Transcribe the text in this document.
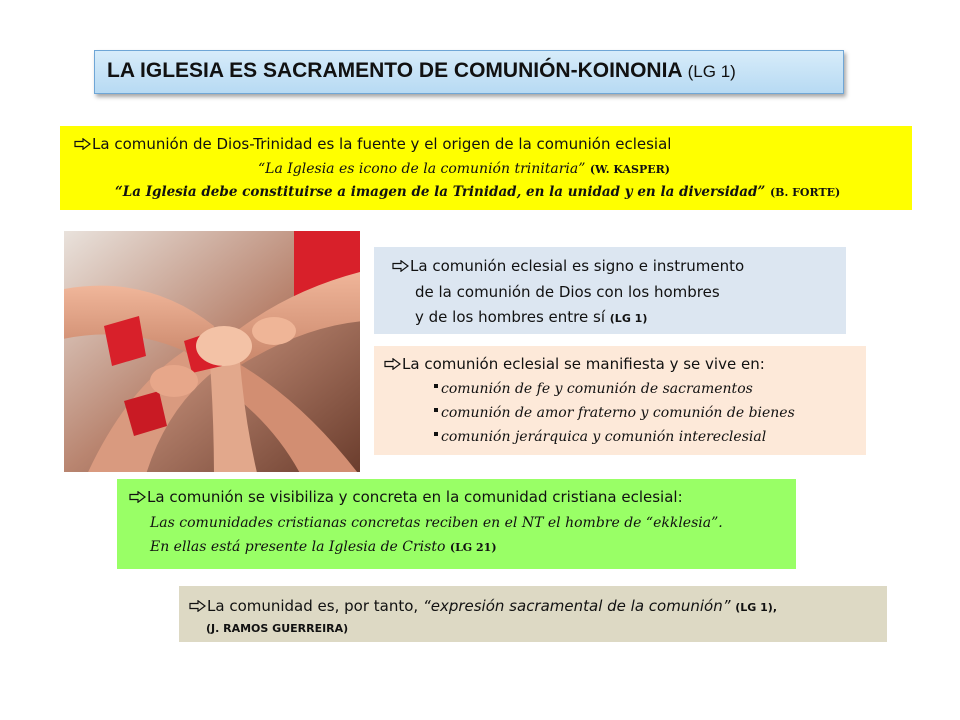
LA IGLESIA ES SACRAMENTO DE COMUNIÓN-KOINONIA (LG 1)
La comunión de Dios-Trinidad es la fuente y el origen de la comunión eclesial
“La Iglesia es icono de la comunión trinitaria” (W. KASPER)
“La Iglesia debe constituirse a imagen de la Trinidad, en la unidad y en la diversidad” (B. FORTE)
La comunión eclesial es signo e instrumento
de la comunión de Dios con los hombres
y de los hombres entre sí (LG 1)
La comunión eclesial se manifiesta y se vive en:
comunión de fe y comunión de sacramentos
comunión de amor fraterno y comunión de bienes
comunión jerárquica y comunión intereclesial
La comunión se visibiliza y concreta en la comunidad cristiana eclesial:
Las comunidades cristianas concretas reciben en el NT el hombre de “ekklesia”.
En ellas está presente la Iglesia de Cristo (LG 21)
La comunidad es, por tanto, “expresión sacramental de la comunión” (LG 1),
(J. RAMOS GUERREIRA)
